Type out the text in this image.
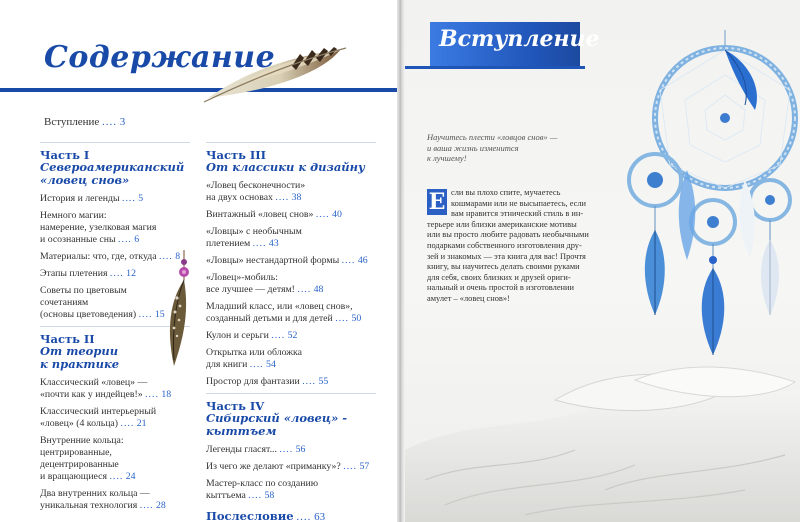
Содержание
Вступление .... 3
Часть I
Североамериканский
«ловец снов»
История и легенды .... 5
Немного магии:
намерение, узелковая магия
и осознанные сны .... 6
Материалы: что, где, откуда .... 8
Этапы плетения .... 12
Советы по цветовым
сочетаниям
(основы цветоведения) .... 15
Часть II
От теории
к практике
Классический «ловец» —
«почти как у индейцев!» .... 18
Классический интерьерный
«ловец» (4 кольца) .... 21
Внутренние кольца:
центрированные,
децентрированные
и вращающиеся .... 24
Два внутренних кольца —
уникальная технология .... 28
Часть III
От классики к дизайну
«Ловец бесконечности»
на двух основах .... 38
Винтажный «ловец снов» .... 40
«Ловцы» с необычным
плетением .... 43
«Ловцы» нестандартной формы .... 46
«Ловец»-мобиль:
все лучшее — детям! .... 48
Младший класс, или «ловец снов»,
созданный детьми и для детей .... 50
Кулон и серьги .... 52
Открытка или обложка
для книги .... 54
Простор для фантазии .... 55
Часть IV
Сибирский «ловец» -
кыттъем
Легенды гласят... .... 56
Из чего же делают «приманку»? .... 57
Мастер-класс по созданию
кыттъема .... 58
Послесловие .... 63
Вступление
Научитесь плести «ловцов снов» —
и ваша жизнь изменится
к лучшему!
Е сли вы плохо спите, мучаетесь
кошмарами или не высыпаетесь, если
вам нравится этнический стиль в ин-
терьере или близки американские мотивы
или вы просто любите радовать необычными
подарками собственного изготовления дру-
зей и знакомых — эта книга для вас! Прочтя
книгу, вы научитесь делать своими руками
для себя, своих близких и друзей ориги-
нальный и очень простой в изготовлении
амулет – «ловец снов»!
